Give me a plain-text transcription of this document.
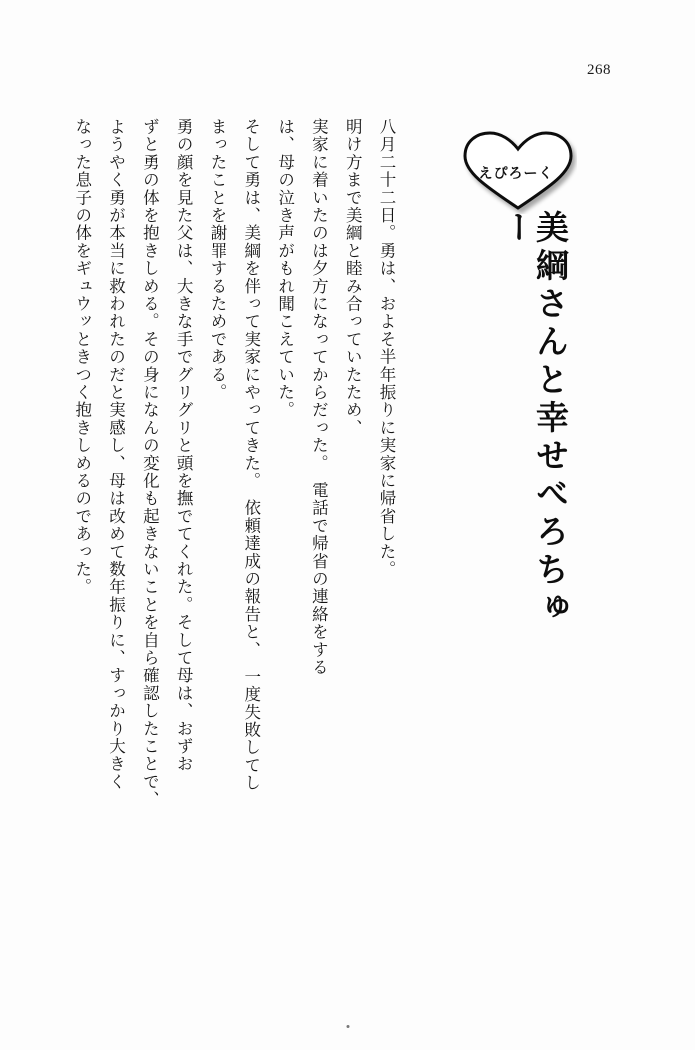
268
えぴろーく
美綱さんと幸せべろちゅー

八月二十二日。勇は、およそ半年振りに実家に帰省した。

明け方まで美綱と睦み合っていたため、

実家に着いたのは夕方になってからだった。　電話で帰省の連絡をする

は、母の泣き声がもれ聞こえていた。

そして勇は、美綱を伴って実家にやってきた。　依頼達成の報告と、　一度失敗してし

まったことを謝罪するためである。

勇の顔を見た父は、大きな手でグリグリと頭を撫でてくれた。そして母は、おずお

ずと勇の体を抱きしめる。その身になんの変化も起きないことを自ら確認したことで、

ようやく勇が本当に救われたのだと実感し、母は改めて数年振りに、すっかり大きく

なった息子の体をギュウッときつく抱きしめるのであった。
